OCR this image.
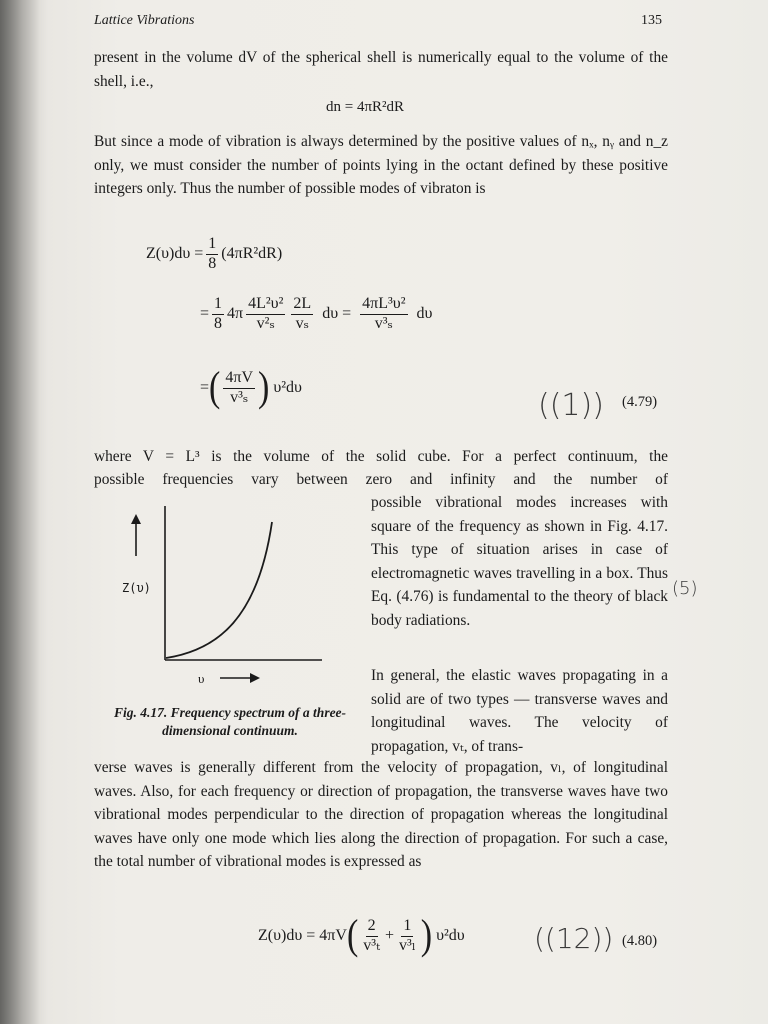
Lattice Vibrations	135
present in the volume dV of the spherical shell is numerically equal to the volume of the shell, i.e.,
dn = 4πR²dR
But since a mode of vibration is always determined by the positive values of nₓ, nᵧ and n_z only, we must consider the number of points lying in the octant defined by these positive integers only. Thus the number of possible modes of vibraton is
$Z(\upsilon)d\upsilon = \frac{1}{8} (4\pi R^2dR)$
= $\frac{1}{8} 4\pi \frac{\text{4L²υ²}}{\text{v²ₛ}} \frac{2L}{\text{vₛ}}$ $d\upsilon = \frac{\text{4πL³υ²}}{\text{v³ₛ}}$ dυ
= ( $\frac{4\pi V}{\text{v³ₛ}}$ ) υ²dυ
((1)) (4.79)
where V = L³ is the volume of the solid cube. For a perfect continuum, the
possible frequencies vary between zero and infinity and the number of
possible vibrational modes increases with square of the frequency as shown in Fig. 4.17. This type of situation arises in case of electromagnetic waves travelling in a box. Thus Eq. (4.76) is fundamental to the theory of black body radiations.
(5)
Z(υ)
υ
Fig. 4.17. Frequency spectrum of a three-dimensional continuum.
In general, the elastic waves propagating in a solid are of two types — transverse waves and longitudinal waves. The velocity of propagation, vₜ, of trans-
verse waves is generally different from the velocity of propagation, vₗ, of longitudinal waves. Also, for each frequency or direction of propagation, the transverse waves have two vibrational modes perpendicular to the direction of propagation whereas the longitudinal waves have only one mode which lies along the direction of propagation. For such a case, the total number of vibrational modes is expressed as
Z(υ)dυ = 4πV ( $\frac{2}{\text{v³ₜ}} + \frac{1}{\text{v³ₗ}}$ ) υ²dυ ((12)) (4.80)
